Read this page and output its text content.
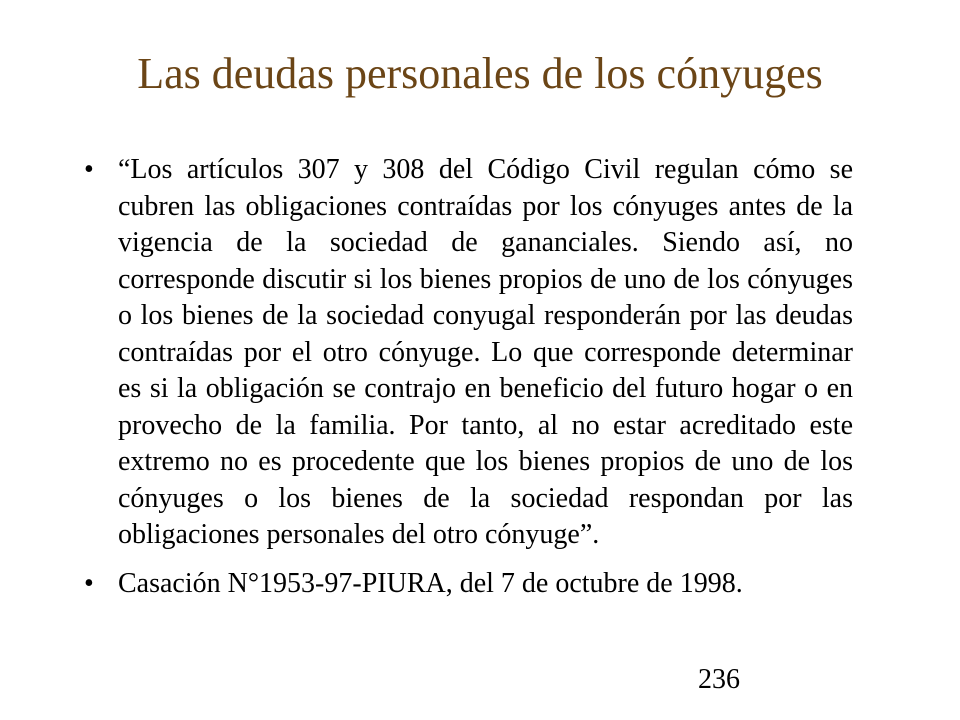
Las deudas personales de los cónyuges
• “Los artículos 307 y 308 del Código Civil regulan cómo se cubren las obligaciones contraídas por los cónyuges antes de la vigencia de la sociedad de gananciales. Siendo así, no corresponde discutir si los bienes propios de uno de los cónyuges o los bienes de la sociedad conyugal responderán por las deudas contraídas por el otro cónyuge. Lo que corresponde determinar es si la obligación se contrajo en beneficio del futuro hogar o en provecho de la familia. Por tanto, al no estar acreditado este extremo no es procedente que los bienes propios de uno de los cónyuges o los bienes de la sociedad respondan por las obligaciones personales del otro cónyuge”.
• Casación N°1953-97-PIURA, del 7 de octubre de 1998.
236
